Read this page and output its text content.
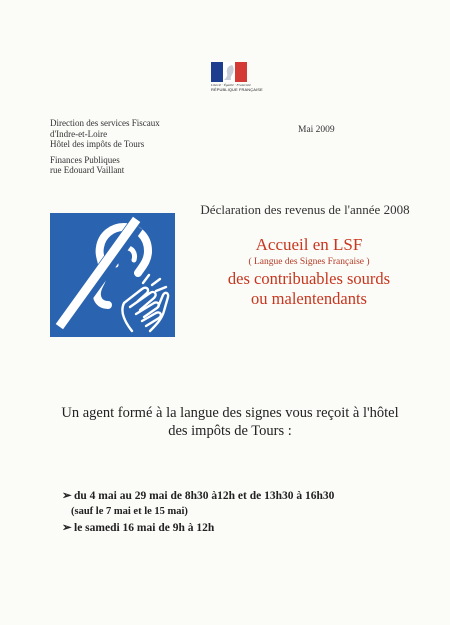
Liberté · Égalité · Fraternité
RÉPUBLIQUE FRANÇAISE
Direction des services Fiscaux
d'Indre-et-Loire
Hôtel des impôts de Tours
Finances Publiques
rue Edouard Vaillant
Mai 2009
Déclaration des revenus de l'année 2008
Accueil en LSF
( Langue des Signes Française )
des contribuables sourds
ou malentendants
Un agent formé à la langue des signes vous reçoit à l'hôtel
des impôts de Tours :
➢ du 4 mai au 29 mai de 8h30 à12h et de 13h30 à 16h30
(sauf le 7 mai et le 15 mai)
➢ le samedi 16 mai de 9h à 12h
